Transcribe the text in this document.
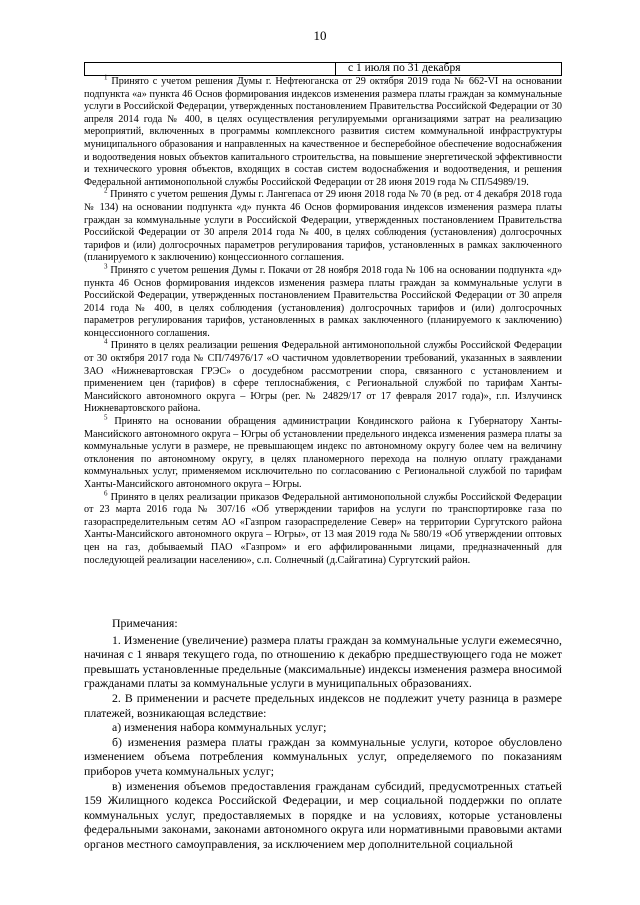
10
с 1 июля по 31 декабря

$^1$ Принято с учетом решения Думы г. Нефтеюганска от 29 октября 2019 года № 662-VI на основании подпункта «а» пункта 46 Основ формирования индексов изменения размера платы граждан за коммунальные услуги в Российской Федерации, утвержденных постановлением Правительства Российской Федерации от 30 апреля 2014 года № 400, в целях осуществления регулируемыми организациями затрат на реализацию мероприятий, включенных в программы комплексного развития систем коммунальной инфраструктуры муниципального образования и направленных на качественное и бесперебойное обеспечение водоснабжения и водоотведения новых объектов капитального строительства, на повышение энергетической эффективности и технического уровня объектов, входящих в состав систем водоснабжения и водоотведения, и решения Федеральной антимонопольной службы Российской Федерации от 28 июня 2019 года № СП/54989/19.

$^2$ Принято с учетом решения Думы г. Лангепаса от 29 июня 2018 года № 70 (в ред. от 4 декабря 2018 года № 134) на основании подпункта «д» пункта 46 Основ формирования индексов изменения размера платы граждан за коммунальные услуги в Российской Федерации, утвержденных постановлением Правительства Российской Федерации от 30 апреля 2014 года № 400, в целях соблюдения (установления) долгосрочных тарифов и (или) долгосрочных параметров регулирования тарифов, установленных в рамках заключенного (планируемого к заключению) концессионного соглашения.

$^3$ Принято с учетом решения Думы г. Покачи от 28 ноября 2018 года № 106 на основании подпункта «д» пункта 46 Основ формирования индексов изменения размера платы граждан за коммунальные услуги в Российской Федерации, утвержденных постановлением Правительства Российской Федерации от 30 апреля 2014 года № 400, в целях соблюдения (установления) долгосрочных тарифов и (или) долгосрочных параметров регулирования тарифов, установленных в рамках заключенного (планируемого к заключению) концессионного соглашения.

$^4$ Принято в целях реализации решения Федеральной антимонопольной службы Российской Федерации от 30 октября 2017 года № СП/74976/17 «О частичном удовлетворении требований, указанных в заявлении ЗАО «Нижневартовская ГРЭС» о досудебном рассмотрении спора, связанного с установлением и применением цен (тарифов) в сфере теплоснабжения, с Региональной службой по тарифам Ханты-Мансийского автономного округа – Югры (рег. № 24829/17 от 17 февраля 2017 года)», г.п. Излучинск Нижневартовского района.

$^5$ Принято на основании обращения администрации Кондинского района к Губернатору Ханты-Мансийского автономного округа – Югры об установлении предельного индекса изменения размера платы за коммунальные услуги в размере, не превышающем индекс по автономному округу более чем на величину отклонения по автономному округу, в целях планомерного перехода на полную оплату гражданами коммунальных услуг, применяемом исключительно по согласованию с Региональной службой по тарифам Ханты-Мансийского автономного округа – Югры.

$^6$ Принято в целях реализации приказов Федеральной антимонопольной службы Российской Федерации от 23 марта 2016 года № 307/16 «Об утверждении тарифов на услуги по транспортировке газа по газораспределительным сетям АО «Газпром газораспределение Север» на территории Сургутского района Ханты-Мансийского автономного округа – Югры», от 13 мая 2019 года № 580/19 «Об утверждении оптовых цен на газ, добываемый ПАО «Газпром» и его аффилированными лицами, предназначенный для последующей реализации населению», с.п. Солнечный (д.Сайгатина) Сургутский район.

Примечания:

1. Изменение (увеличение) размера платы граждан за коммунальные услуги ежемесячно, начиная с 1 января текущего года, по отношению к декабрю предшествующего года не может превышать установленные предельные (максимальные) индексы изменения размера вносимой гражданами платы за коммунальные услуги в муниципальных образованиях.

2. В применении и расчете предельных индексов не подлежит учету разница в размере платежей, возникающая вследствие:

а) изменения набора коммунальных услуг;

б) изменения размера платы граждан за коммунальные услуги, которое обусловлено изменением объема потребления коммунальных услуг, определяемого по показаниям приборов учета коммунальных услуг;

в) изменения объемов предоставления гражданам субсидий, предусмотренных статьей 159 Жилищного кодекса Российской Федерации, и мер социальной поддержки по оплате коммунальных услуг, предоставляемых в порядке и на условиях, которые установлены федеральными законами, законами автономного округа или нормативными правовыми актами органов местного самоуправления, за исключением мер дополнительной социальной
